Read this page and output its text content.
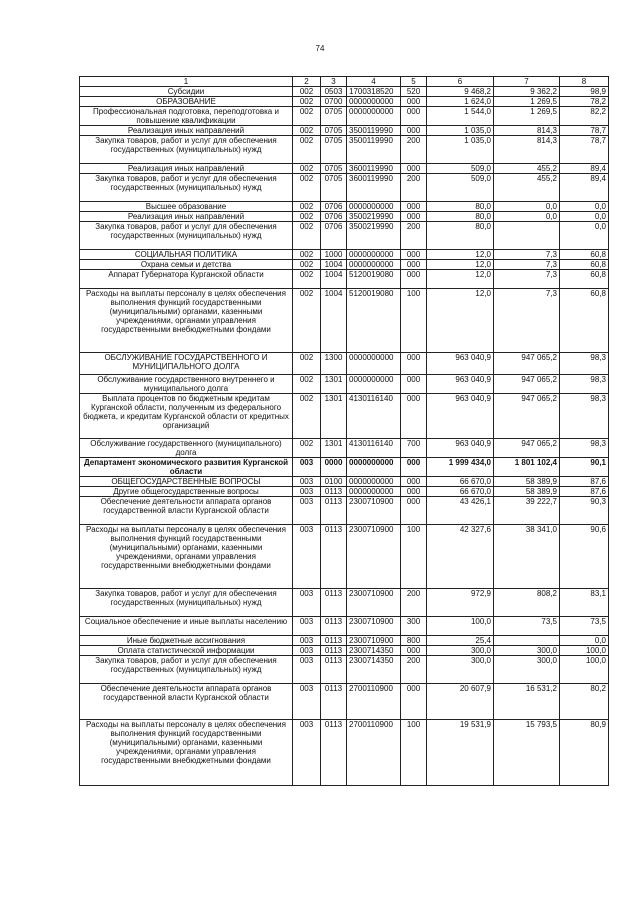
74
1	2	3	4	5	6	7	8
Субсидии	002	0503	1700318520	520	9 468,2	9 362,2	98,9
ОБРАЗОВАНИЕ	002	0700	0000000000	000	1 624,0	1 269,5	78,2
Профессиональная подготовка, переподготовка и повышение квалификации	002	0705	0000000000	000	1 544,0	1 269,5	82,2
Реализация иных направлений	002	0705	3500119990	000	1 035,0	814,3	78,7
Закупка товаров, работ и услуг для обеспечения государственных (муниципальных) нужд	002	0705	3500119990	200	1 035,0	814,3	78,7
Реализация иных направлений	002	0705	3600119990	000	509,0	455,2	89,4
Закупка товаров, работ и услуг для обеспечения государственных (муниципальных) нужд	002	0705	3600119990	200	509,0	455,2	89,4
Высшее образование	002	0706	0000000000	000	80,0	0,0	0,0
Реализация иных направлений	002	0706	3500219990	000	80,0	0,0	0,0
Закупка товаров, работ и услуг для обеспечения государственных (муниципальных) нужд	002	0706	3500219990	200	80,0		0,0
СОЦИАЛЬНАЯ ПОЛИТИКА	002	1000	0000000000	000	12,0	7,3	60,8
Охрана семьи и детства	002	1004	0000000000	000	12,0	7,3	60,8
Аппарат Губернатора Курганской области	002	1004	5120019080	000	12,0	7,3	60,8
Расходы на выплаты персоналу в целях обеспечения выполнения функций государственными (муниципальными) органами, казенными учреждениями, органами управления государственными внебюджетными фондами	002	1004	5120019080	100	12,0	7,3	60,8
ОБСЛУЖИВАНИЕ ГОСУДАРСТВЕННОГО И МУНИЦИПАЛЬНОГО ДОЛГА	002	1300	0000000000	000	963 040,9	947 065,2	98,3
Обслуживание государственного внутреннего и муниципального долга	002	1301	0000000000	000	963 040,9	947 065,2	98,3
Выплата процентов по бюджетным кредитам Курганской области, полученным из федерального бюджета, и кредитам Курганской области от кредитных организаций	002	1301	4130116140	000	963 040,9	947 065,2	98,3
Обслуживание государственного (муниципального) долга	002	1301	4130116140	700	963 040,9	947 065,2	98,3
Департамент экономического развития Курганской области	003	0000	0000000000	000	1 999 434,0	1 801 102,4	90,1
ОБЩЕГОСУДАРСТВЕННЫЕ ВОПРОСЫ	003	0100	0000000000	000	66 670,0	58 389,9	87,6
Другие общегосударственные вопросы	003	0113	0000000000	000	66 670,0	58 389,9	87,6
Обеспечение деятельности аппарата органов государственной власти Курганской области	003	0113	2300710900	000	43 426,1	39 222,7	90,3
Расходы на выплаты персоналу в целях обеспечения выполнения функций государственными (муниципальными) органами, казенными учреждениями, органами управления государственными внебюджетными фондами	003	0113	2300710900	100	42 327,6	38 341,0	90,6
Закупка товаров, работ и услуг для обеспечения государственных (муниципальных) нужд	003	0113	2300710900	200	972,9	808,2	83,1
Социальное обеспечение и иные выплаты населению	003	0113	2300710900	300	100,0	73,5	73,5
Иные бюджетные ассигнования	003	0113	2300710900	800	25,4		0,0
Оплата статистической информации	003	0113	2300714350	000	300,0	300,0	100,0
Закупка товаров, работ и услуг для обеспечения государственных (муниципальных) нужд	003	0113	2300714350	200	300,0	300,0	100,0
Обеспечение деятельности аппарата органов государственной власти Курганской области	003	0113	2700110900	000	20 607,9	16 531,2	80,2
Расходы на выплаты персоналу в целях обеспечения выполнения функций государственными (муниципальными) органами, казенными учреждениями, органами управления государственными внебюджетными фондами	003	0113	2700110900	100	19 531,9	15 793,5	80,9
